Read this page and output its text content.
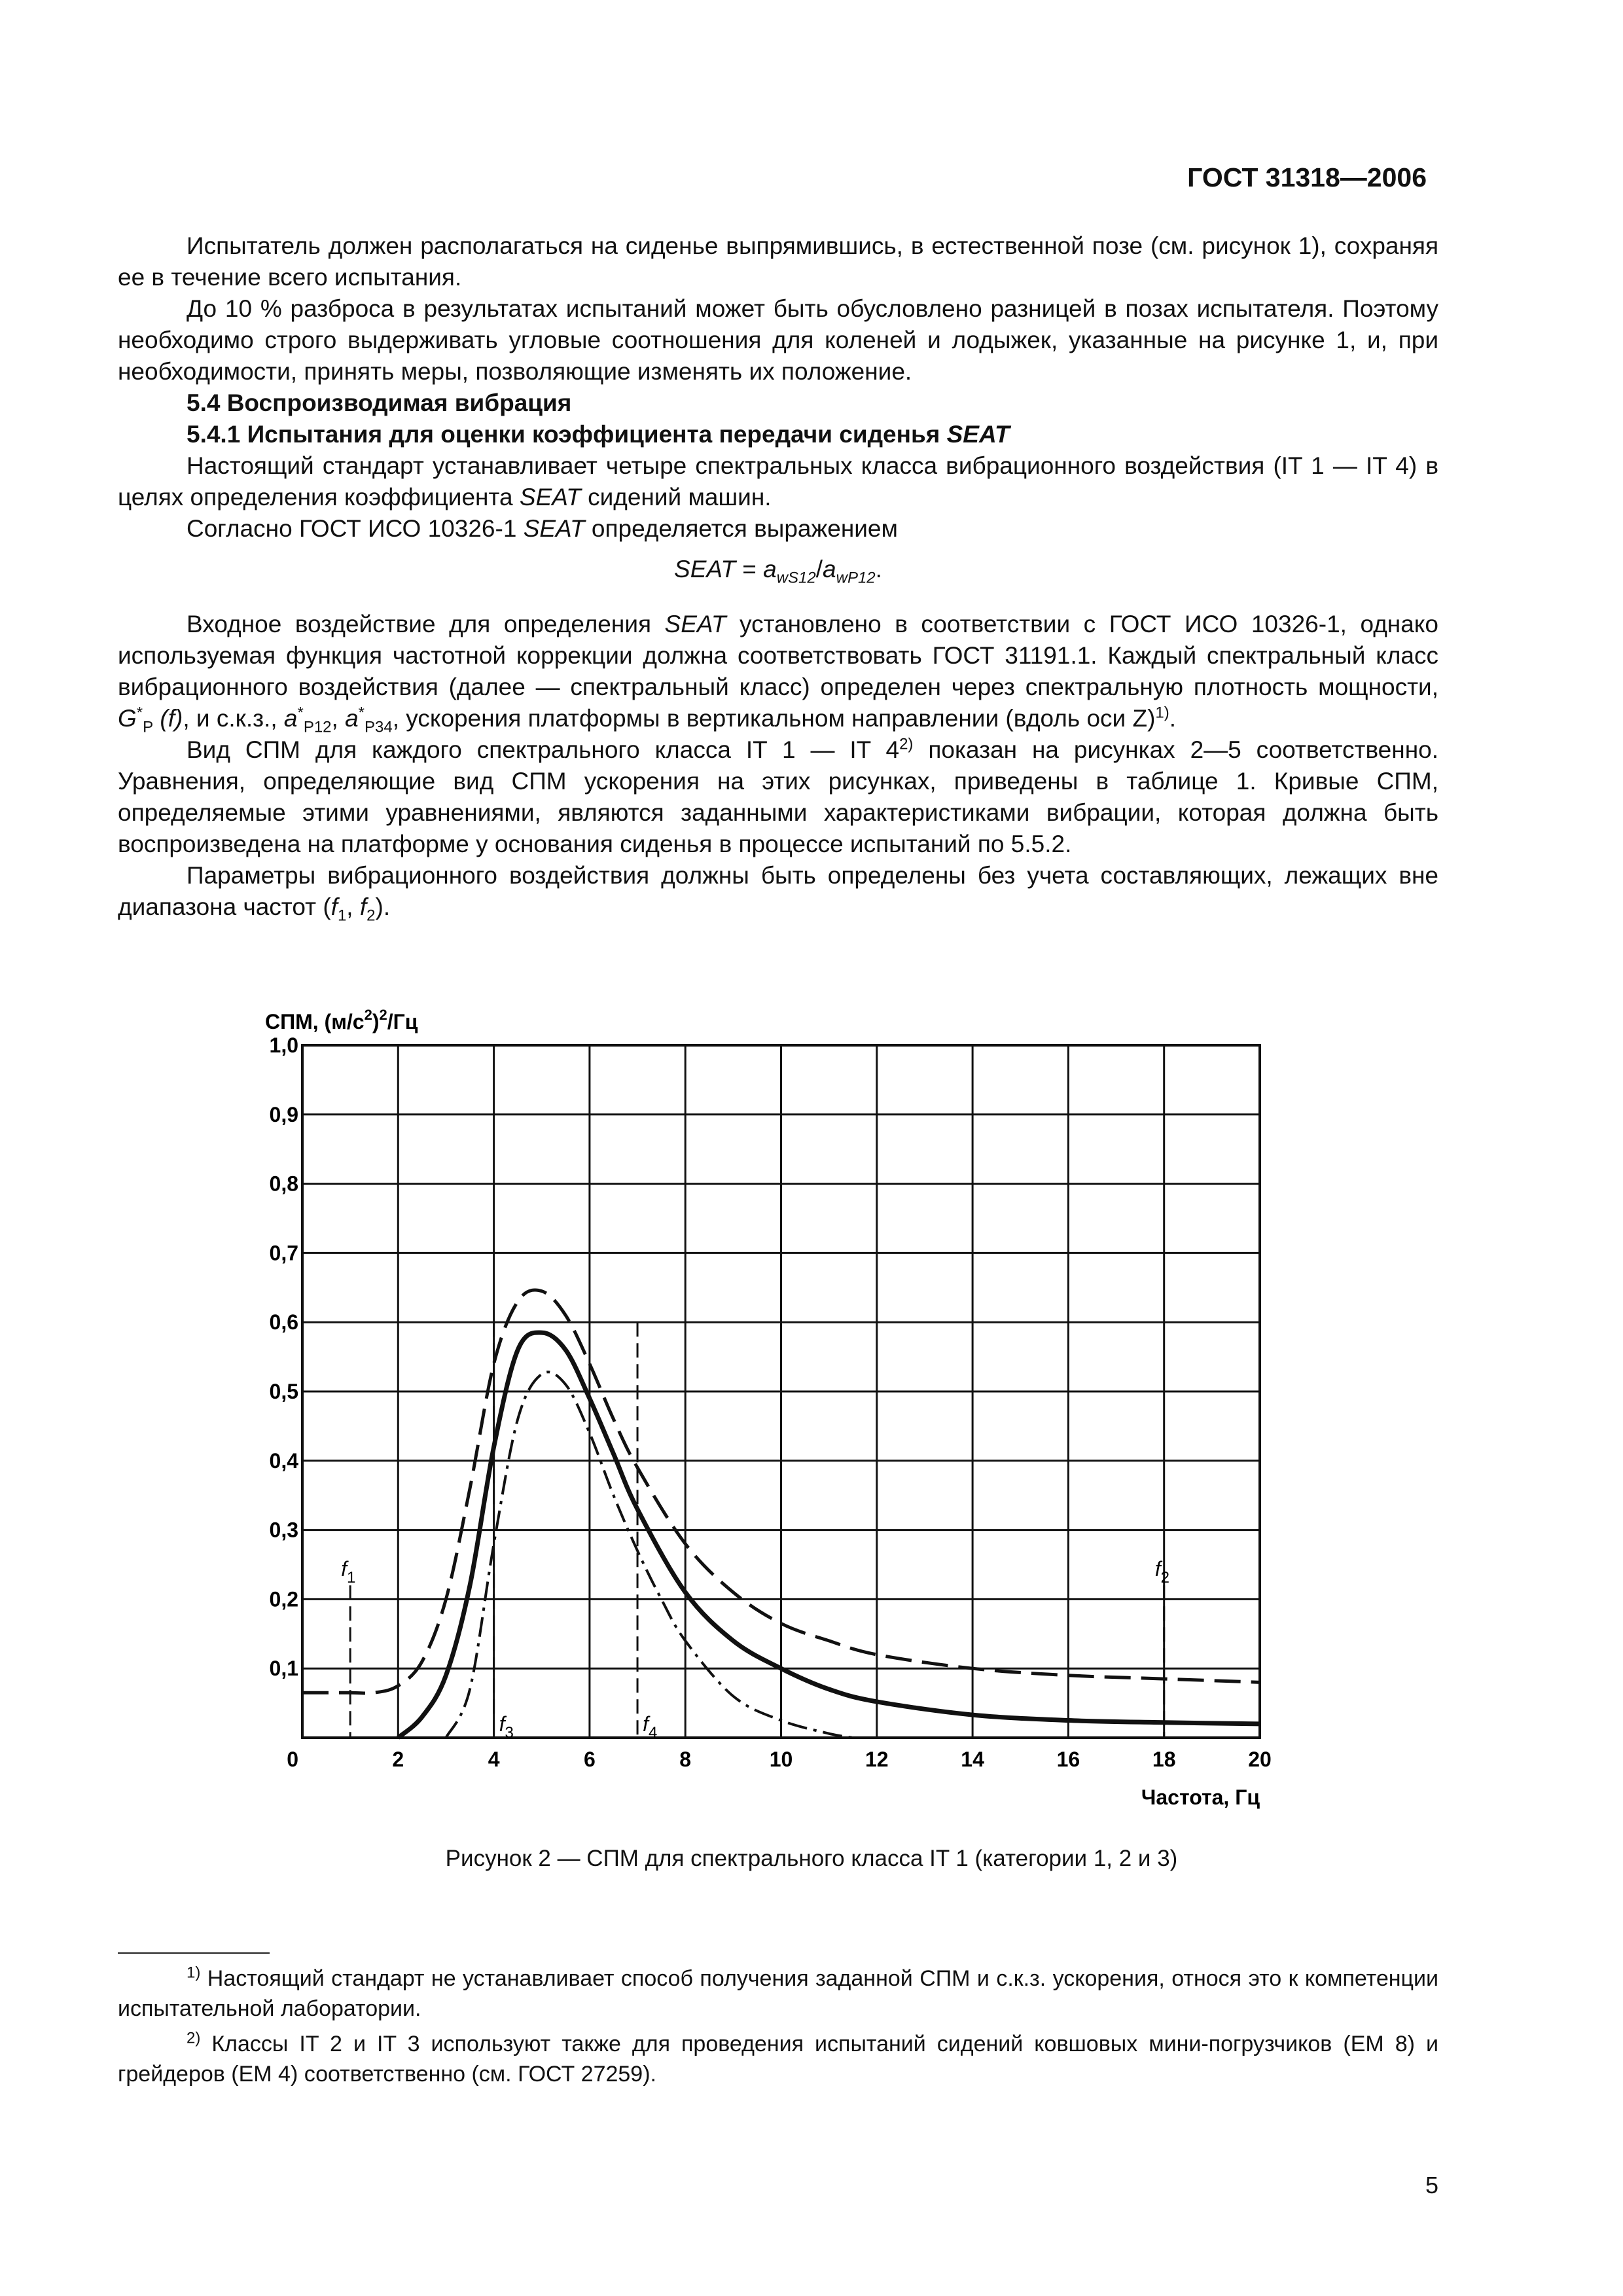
ГОСТ 31318—2006

Испытатель должен располагаться на сиденье выпрямившись, в естественной позе (см. рисунок 1), сохраняя ее в течение всего испытания.

До 10 % разброса в результатах испытаний может быть обусловлено разницей в позах испытателя. Поэтому необходимо строго выдерживать угловые соотношения для коленей и лодыжек, указанные на рисунке 1, и, при необходимости, принять меры, позволяющие изменять их положение.

5.4 Воспроизводимая вибрация

5.4.1 Испытания для оценки коэффициента передачи сиденья SEAT

Настоящий стандарт устанавливает четыре спектральных класса вибрационного воздействия (IT 1 — IT 4) в целях определения коэффициента SEAT сидений машин.

Согласно ГОСТ ИСО 10326-1 SEAT определяется выражением

SEAT = $a_{wS12}/a_{wP12}$.

Входное воздействие для определения SEAT установлено в соответствии с ГОСТ ИСО 10326-1, однако используемая функция частотной коррекции должна соответствовать ГОСТ 31191.1. Каждый спектральный класс вибрационного воздействия (далее — спектральный класс) определен через спектральную плотность мощности, $G^*_P$ (f), и с.к.з., $a^*_{P12}$, $a^*_{P34}$, ускорения платформы в вертикальном направлении (вдоль оси Z)$^{1)}$.

Вид СПМ для каждого спектрального класса IT 1 — IT 4$^{2)}$ показан на рисунках 2—5 соответственно. Уравнения, определяющие вид СПМ ускорения на этих рисунках, приведены в таблице 1. Кривые СПМ, определяемые этими уравнениями, являются заданными характеристиками вибрации, которая должна быть воспроизведена на платформе у основания сиденья в процессе испытаний по 5.5.2.

Параметры вибрационного воздействия должны быть определены без учета составляющих, лежащих вне диапазона частот ($f_1$, $f_2$).

СПМ, $(м/с^2)^2/Гц$
Частота, Гц
0	2	4	6	8	10	12	14	16	18	20
0,1
0,2
0,3
0,4
0,5
0,6
0,7
0,8
0,9
1,0
$f_1$
$f_3$	$f_4$
$f_2$
Рисунок 2 — СПМ для спектрального класса IT 1 (категории 1, 2 и 3)

$^{1)}$ Настоящий стандарт не устанавливает способ получения заданной СПМ и с.к.з. ускорения, относя это к компетенции испытательной лаборатории.

$^{2)}$ Классы IT 2 и IT 3 используют также для проведения испытаний сидений ковшовых мини-погрузчиков (ЕМ 8) и грейдеров (ЕМ 4) соответственно (см. ГОСТ 27259).

5
